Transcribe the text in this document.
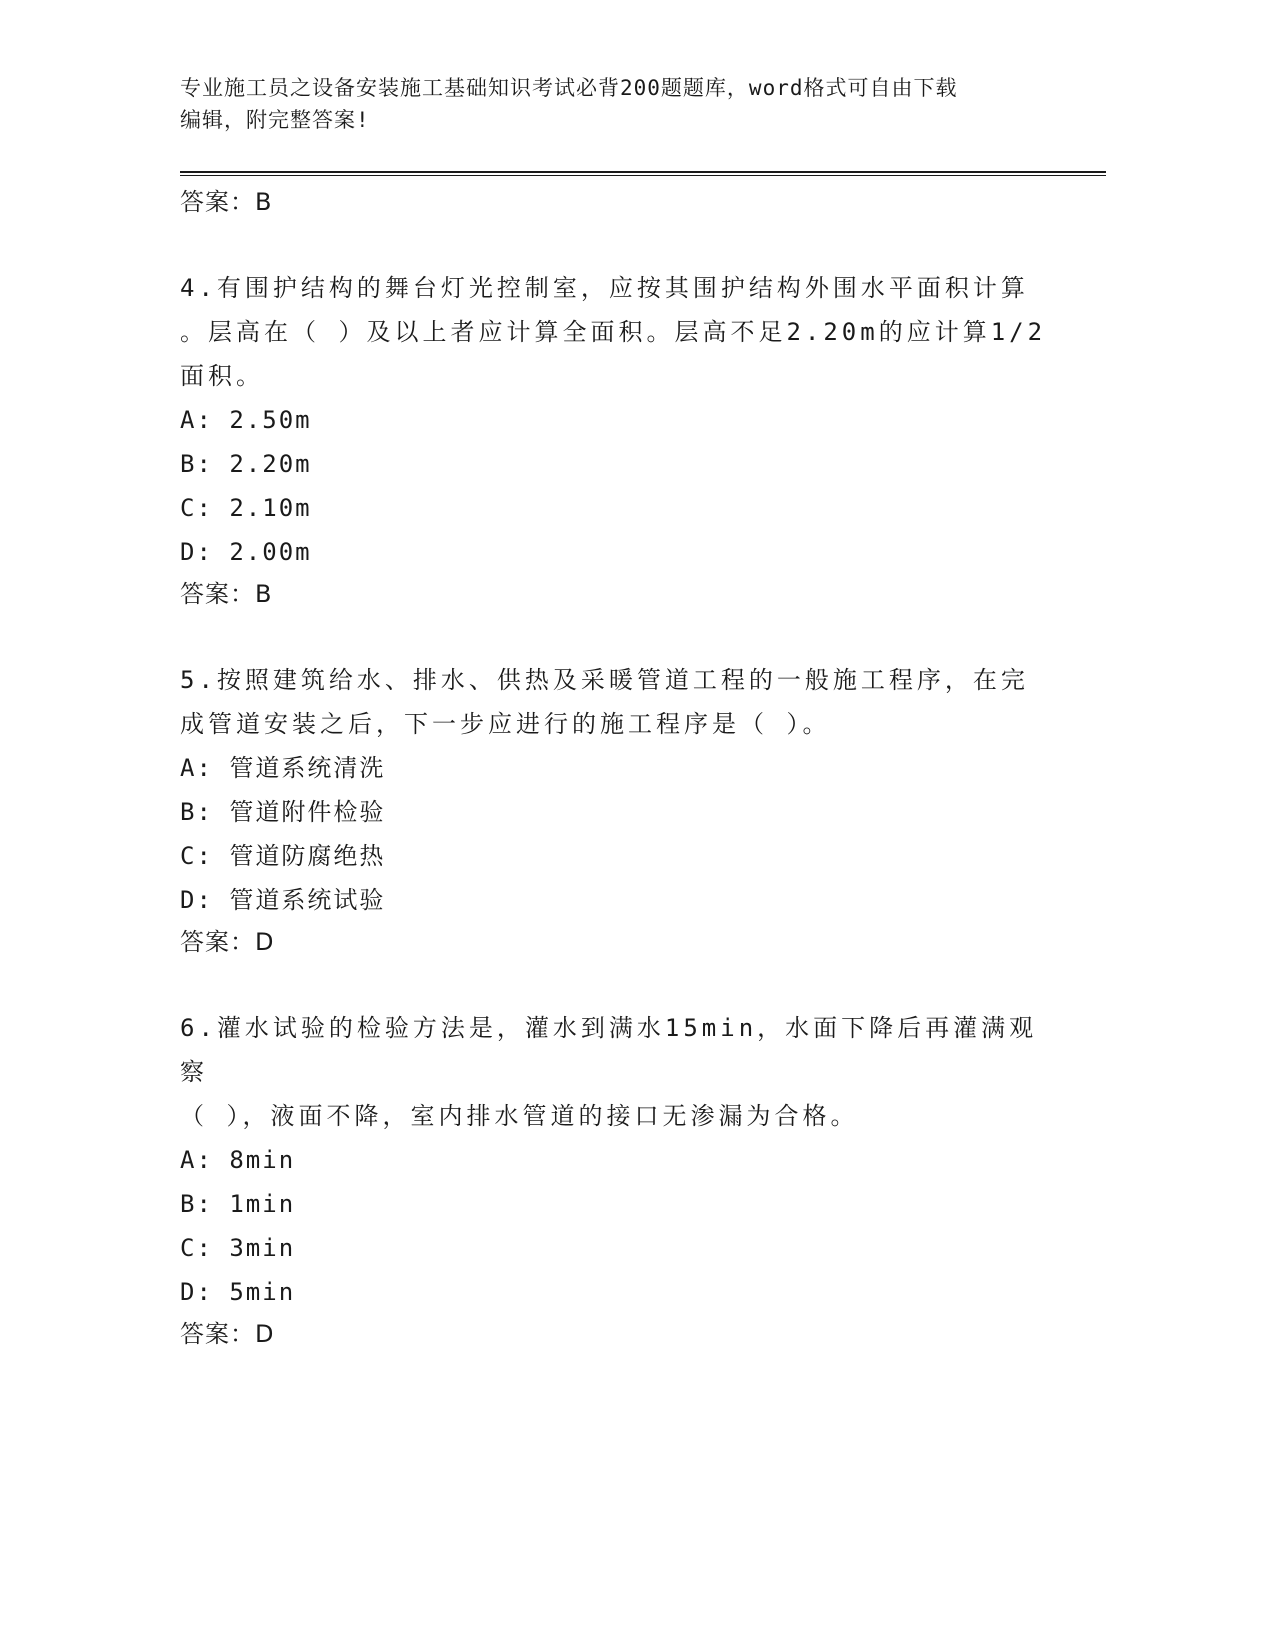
专业施工员之设备安装施工基础知识考试必背200题题库，word格式可自由下载
编辑，附完整答案!
答案：B

4.有围护结构的舞台灯光控制室，应按其围护结构外围水平面积计算
。层高在（ ）及以上者应计算全面积。层高不足2.20m的应计算1/2
面积。

A: 2.50m
B: 2.20m
C: 2.10m
D: 2.00m
答案：B

5.按照建筑给水、排水、供热及采暖管道工程的一般施工程序，在完
成管道安装之后，下一步应进行的施工程序是（ ）。

A: 管道系统清洗
B: 管道附件检验
C: 管道防腐绝热
D: 管道系统试验
答案：D

6.灌水试验的检验方法是，灌水到满水15min，水面下降后再灌满观察
（ ），液面不降，室内排水管道的接口无渗漏为合格。

A: 8min
B: 1min
C: 3min
D: 5min
答案：D
